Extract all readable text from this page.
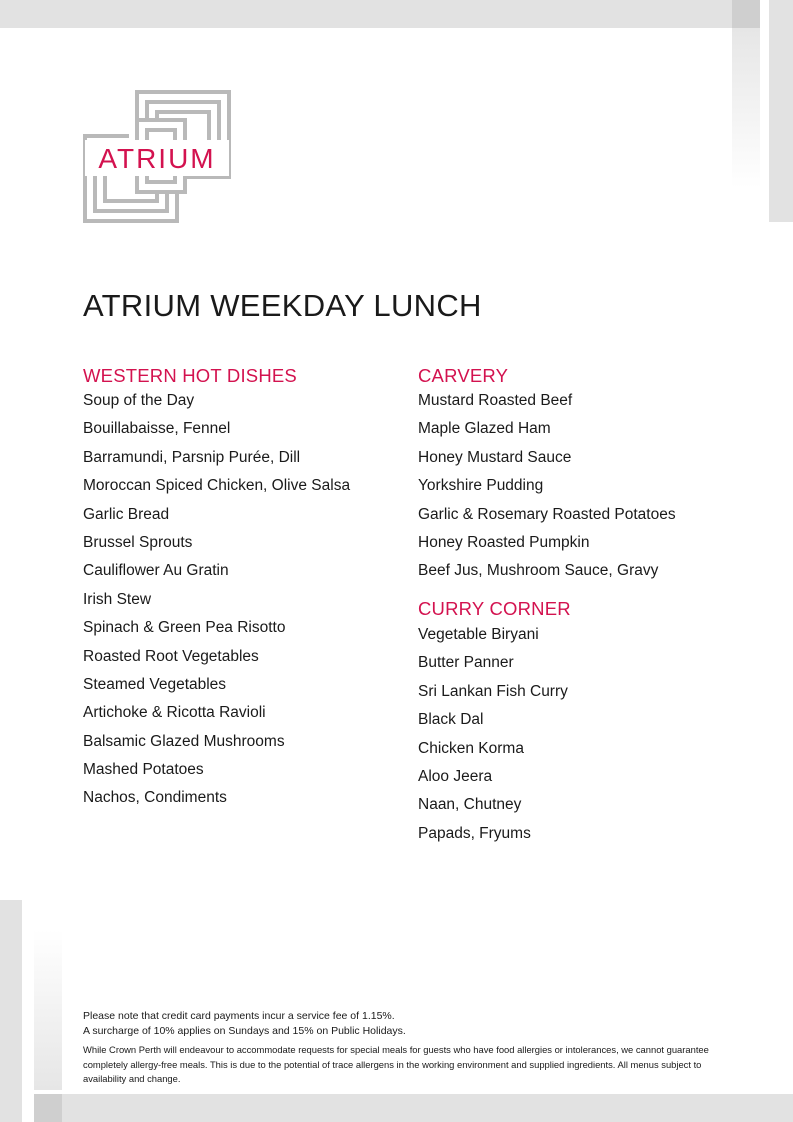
ATRIUM
ATRIUM WEEKDAY LUNCH
WESTERN HOT DISHES
Soup of the Day
Bouillabaisse, Fennel
Barramundi, Parsnip Purée, Dill
Moroccan Spiced Chicken, Olive Salsa
Garlic Bread
Brussel Sprouts
Cauliflower Au Gratin
Irish Stew
Spinach & Green Pea Risotto
Roasted Root Vegetables
Steamed Vegetables
Artichoke & Ricotta Ravioli
Balsamic Glazed Mushrooms
Mashed Potatoes
Nachos, Condiments
CARVERY
Mustard Roasted Beef
Maple Glazed Ham
Honey Mustard Sauce
Yorkshire Pudding
Garlic & Rosemary Roasted Potatoes
Honey Roasted Pumpkin
Beef Jus, Mushroom Sauce, Gravy
CURRY CORNER
Vegetable Biryani
Butter Panner
Sri Lankan Fish Curry
Black Dal
Chicken Korma
Aloo Jeera
Naan, Chutney
Papads, Fryums

Please note that credit card payments incur a service fee of 1.15%.

A surcharge of 10% applies on Sundays and 15% on Public Holidays.

While Crown Perth will endeavour to accommodate requests for special meals for guests who have food allergies or intolerances, we cannot guarantee completely allergy-free meals. This is due to the potential of trace allergens in the working environment and supplied ingredients. All menus subject to availability and change.
